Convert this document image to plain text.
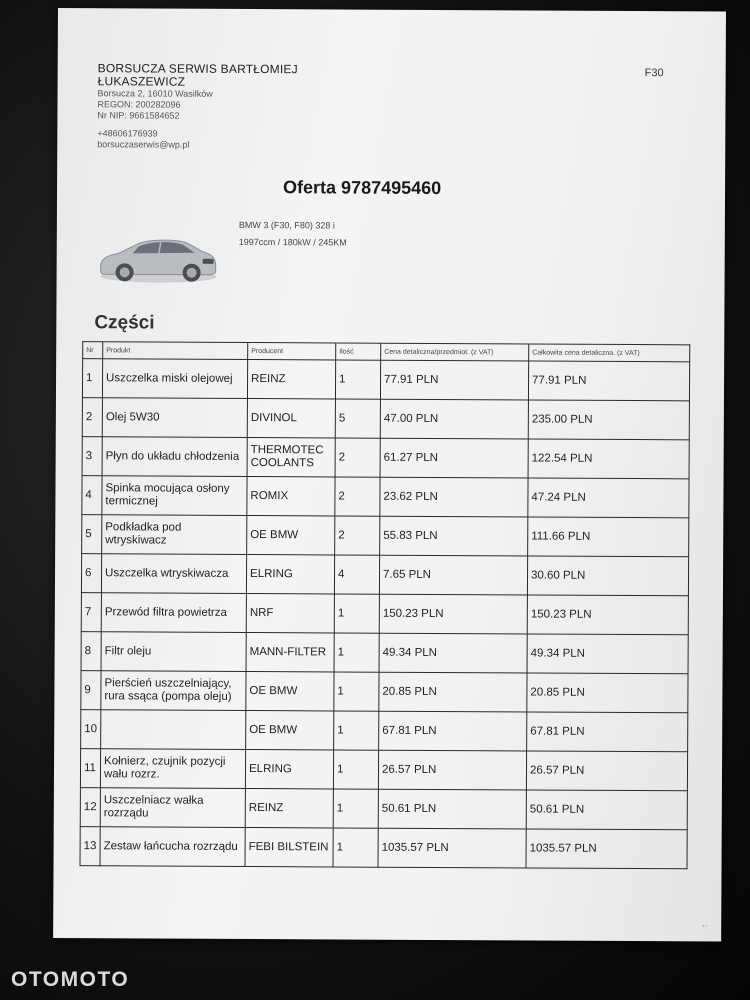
BORSUCZA SERWIS BARTŁOMIEJ
ŁUKASZEWICZ
Borsucza 2, 16010 Wasilków
REGON: 200282096
Nr NIP: 9661584652
+48606176939
borsuczaserwis@wp.pl
F30
Oferta 9787495460
BMW 3 (F30, F80) 328 i
1997ccm / 180kW / 245KM
Części
Nr	Produkt	Producent	Ilość	Cena detaliczna/przedmiot. (z VAT)	Całkowita cena detaliczna. (z VAT)
1	Uszczelka miski olejowej	REINZ	1	77.91 PLN	77.91 PLN
2	Olej 5W30	DIVINOL	5	47.00 PLN	235.00 PLN
3	Płyn do układu chłodzenia	THERMOTEC COOLANTS	2	61.27 PLN	122.54 PLN
4	Spinka mocująca osłony termicznej	ROMIX	2	23.62 PLN	47.24 PLN
5	Podkładka pod wtryskiwacz	OE BMW	2	55.83 PLN	111.66 PLN
6	Uszczelka wtryskiwacza	ELRING	4	7.65 PLN	30.60 PLN
7	Przewód filtra powietrza	NRF	1	150.23 PLN	150.23 PLN
8	Filtr oleju	MANN-FILTER	1	49.34 PLN	49.34 PLN
9	Pierścień uszczelniający, rura ssąca (pompa oleju)	OE BMW	1	20.85 PLN	20.85 PLN
10		OE BMW	1	67.81 PLN	67.81 PLN
11	Kołnierz, czujnik pozycji wału rozrz.	ELRING	1	26.57 PLN	26.57 PLN
12	Uszczelniacz wałka rozrządu	REINZ	1	50.61 PLN	50.61 PLN
13	Zestaw łańcucha rozrządu	FEBI BILSTEIN	1	1035.57 PLN	1035.57 PLN
▪ ▫
OTOMOTO
